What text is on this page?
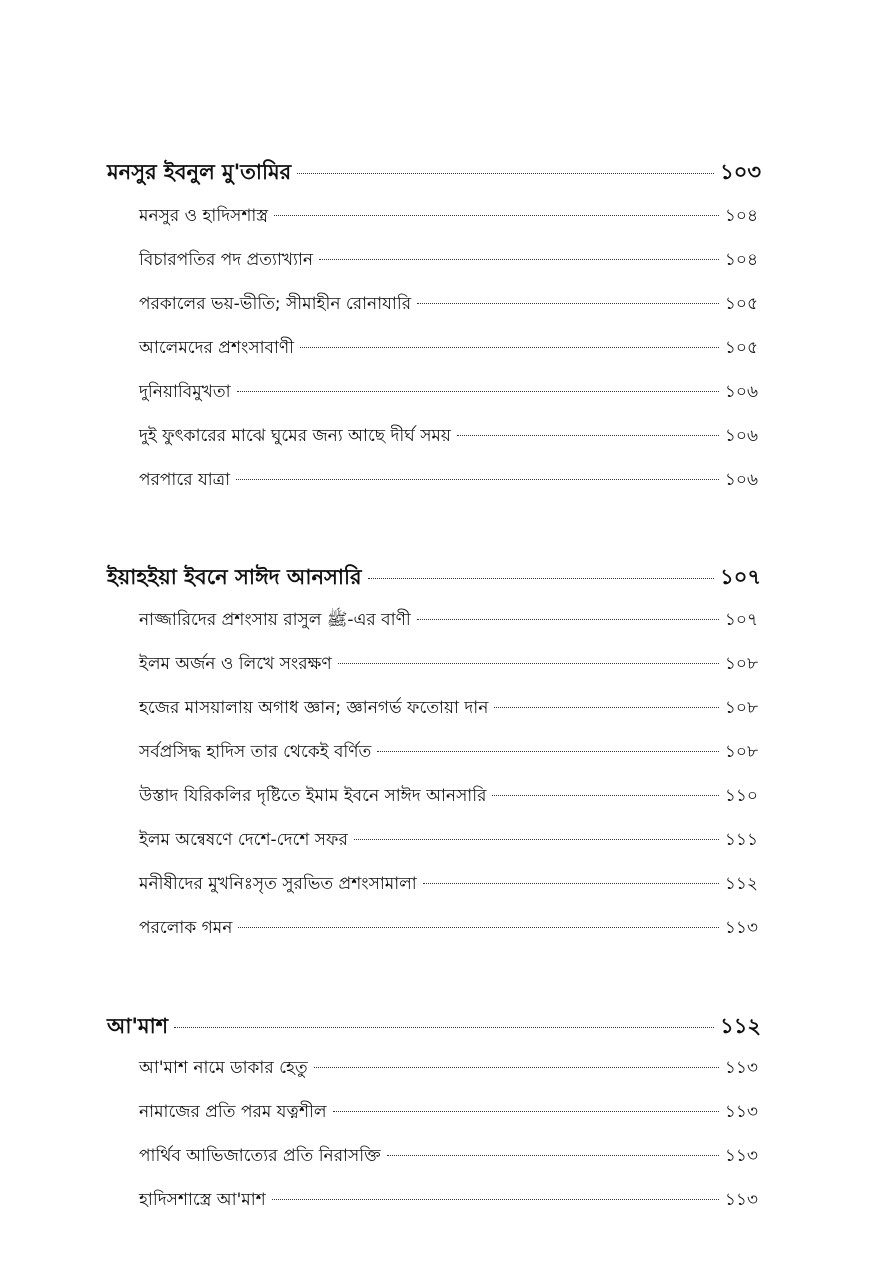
মনসুর ইবনুল মু'তামির	১০৩
মনসুর ও হাদিসশাস্ত্র	১০৪
বিচারপতির পদ প্রত্যাখ্যান	১০৪
পরকালের ভয়-ভীতি; সীমাহীন রোনাযারি	১০৫
আলেমদের প্রশংসাবাণী	১০৫
দুনিয়াবিমুখতা	১০৬
দুই ফুৎকারের মাঝে ঘুমের জন্য আছে দীর্ঘ সময়	১০৬
পরপারে যাত্রা	১০৬
ইয়াহইয়া ইবনে সাঈদ আনসারি	১০৭
নাজ্জারিদের প্রশংসায় রাসুল ﷺ-এর বাণী	১০৭
ইলম অর্জন ও লিখে সংরক্ষণ	১০৮
হজের মাসয়ালায় অগাধ জ্ঞান; জ্ঞানগর্ভ ফতোয়া দান	১০৮
সর্বপ্রসিদ্ধ হাদিস তার থেকেই বর্ণিত	১০৮
উস্তাদ যিরিকলির দৃষ্টিতে ইমাম ইবনে সাঈদ আনসারি	১১০
ইলম অন্বেষণে দেশে-দেশে সফর	১১১
মনীষীদের মুখনিঃসৃত সুরভিত প্রশংসামালা	১১২
পরলোক গমন	১১৩
আ'মাশ	১১২
আ'মাশ নামে ডাকার হেতু	১১৩
নামাজের প্রতি পরম যত্নশীল	১১৩
পার্থিব আভিজাত্যের প্রতি নিরাসক্তি	১১৩
হাদিসশাস্ত্রে আ'মাশ	১১৩
